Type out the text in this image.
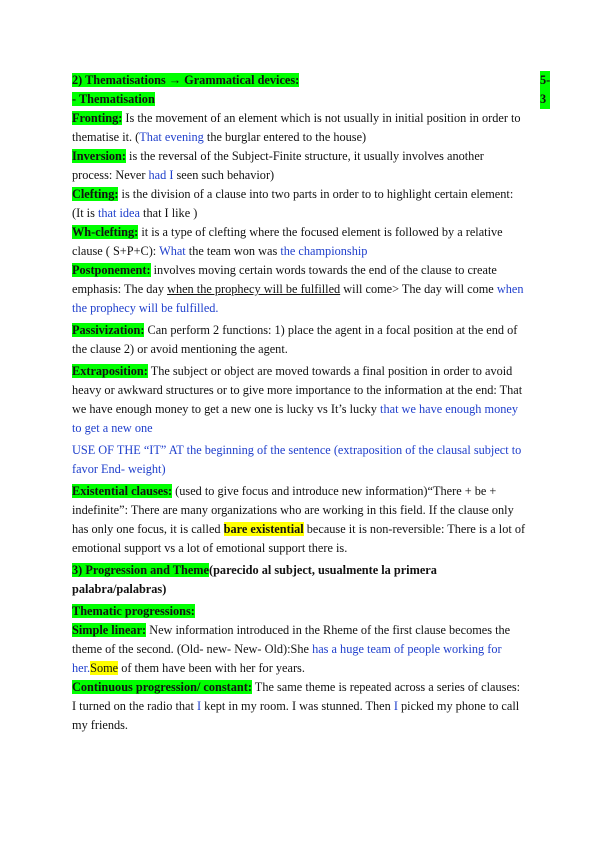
2) Thematisations → Grammatical devices:	5-3

- Thematisation

Fronting: Is the movement of an element which is not usually in initial position in order to thematise it. (That evening the burglar entered to the house)

Inversion: is the reversal of the Subject-Finite structure, it usually involves another process: Never had I seen such behavior)

Clefting: is the division of a clause into two parts in order to to highlight certain element: (It is that idea that I like )

Wh-clefting: it is a type of clefting where the focused element is followed by a relative clause ( S+P+C): What the team won was the championship

Postponement: involves moving certain words towards the end of the clause to create emphasis: The day when the prophecy will be fulfilled will come> The day will come when the prophecy will be fulfilled.

Passivization: Can perform 2 functions: 1) place the agent in a focal position at the end of the clause 2) or avoid mentioning the agent.

Extraposition: The subject or object are moved towards a final position in order to avoid heavy or awkward structures or to give more importance to the information at the end: That we have enough money to get a new one is lucky vs It’s lucky that we have enough money to get a new one

USE OF THE “IT” AT the beginning of the sentence (extraposition of the clausal subject to favor End- weight)

Existential clauses: (used to give focus and introduce new information)“There + be + indefinite”: There are many organizations who are working in this field. If the clause only has only one focus, it is called bare existential because it is non-reversible: There is a lot of emotional support vs a lot of emotional support there is.

3) Progression and Theme(parecido al subject, usualmente la primera palabra/palabras)

Thematic progressions:

Simple linear: New information introduced in the Rheme of the first clause becomes the theme of the second. (Old- new- New- Old):She has a huge team of people working for her.Some of them have been with her for years.

Continuous progression/ constant: The same theme is repeated across a series of clauses: I turned on the radio that I kept in my room. I was stunned. Then I picked my phone to call my friends.
